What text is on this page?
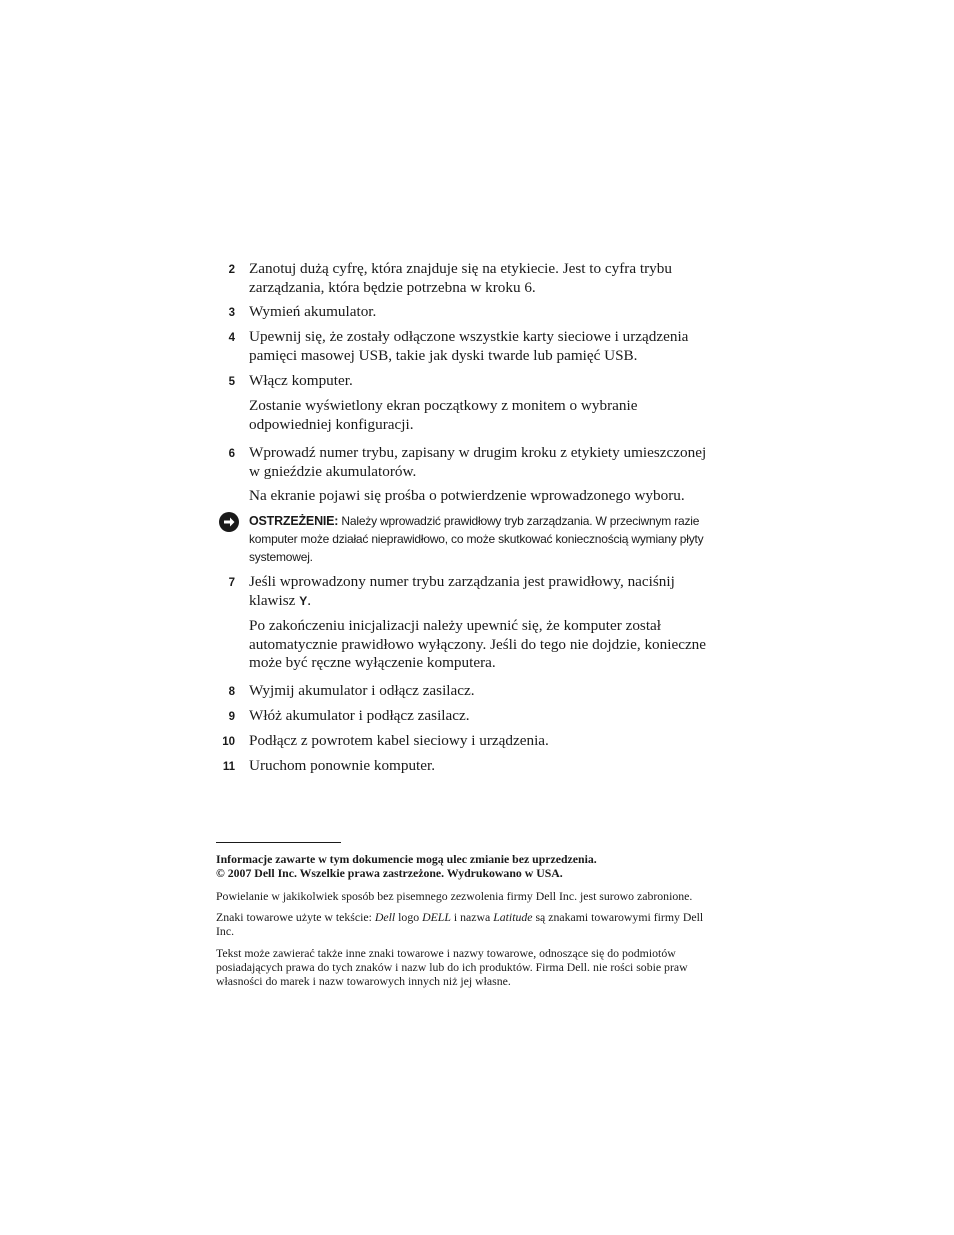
2 Zanotuj dużą cyfrę, która znajduje się na etykiecie. Jest to cyfra trybu zarządzania, która będzie potrzebna w kroku 6.
3 Wymień akumulator.
4 Upewnij się, że zostały odłączone wszystkie karty sieciowe i urządzenia pamięci masowej USB, takie jak dyski twarde lub pamięć USB.
5 Włącz komputer.
Zostanie wyświetlony ekran początkowy z monitem o wybranie odpowiedniej konfiguracji.
6 Wprowadź numer trybu, zapisany w drugim kroku z etykiety umieszczonej w gnieździe akumulatorów.
Na ekranie pojawi się prośba o potwierdzenie wprowadzonego wyboru.
OSTRZEŻENIE: Należy wprowadzić prawidłowy tryb zarządzania. W przeciwnym razie komputer może działać nieprawidłowo, co może skutkować koniecznością wymiany płyty systemowej.
7 Jeśli wprowadzony numer trybu zarządzania jest prawidłowy, naciśnij klawisz Y.
Po zakończeniu inicjalizacji należy upewnić się, że komputer został automatycznie prawidłowo wyłączony. Jeśli do tego nie dojdzie, konieczne może być ręczne wyłączenie komputera.
8 Wyjmij akumulator i odłącz zasilacz.
9 Włóż akumulator i podłącz zasilacz.
10 Podłącz z powrotem kabel sieciowy i urządzenia.
11 Uruchom ponownie komputer.
Informacje zawarte w tym dokumencie mogą ulec zmianie bez uprzedzenia.
© 2007 Dell Inc. Wszelkie prawa zastrzeżone. Wydrukowano w USA.
Powielanie w jakikolwiek sposób bez pisemnego zezwolenia firmy Dell Inc. jest surowo zabronione.
Znaki towarowe użyte w tekście: Dell logo DELL i nazwa Latitude są znakami towarowymi firmy Dell Inc.
Tekst może zawierać także inne znaki towarowe i nazwy towarowe, odnoszące się do podmiotów posiadających prawa do tych znaków i nazw lub do ich produktów. Firma Dell. nie rości sobie praw własności do marek i nazw towarowych innych niż jej własne.
